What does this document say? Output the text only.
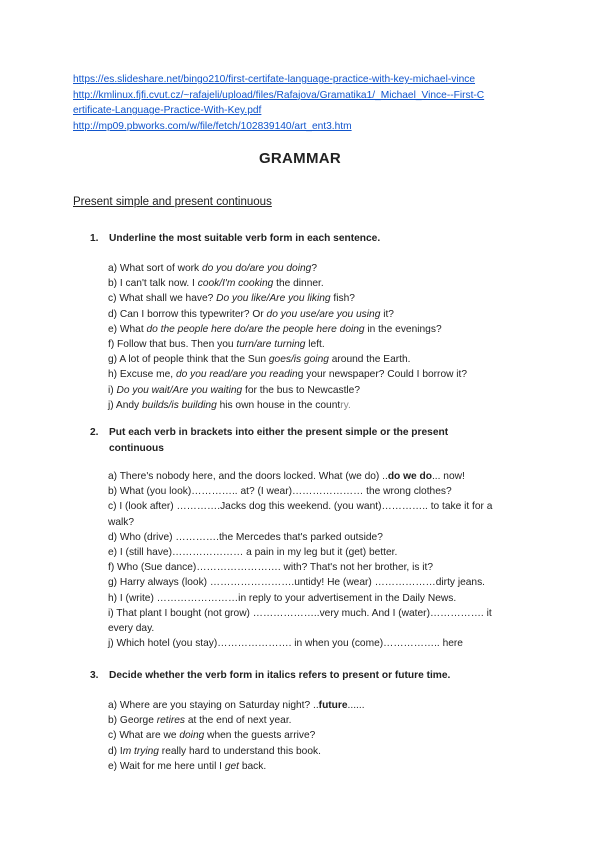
https://es.slideshare.net/bingo210/first-certifate-language-practice-with-key-michael-vince
http://kmlinux.fjfi.cvut.cz/~rafajeli/upload/files/Rafajova/Gramatika1/_Michael_Vince--First-C
ertificate-Language-Practice-With-Key.pdf
http://mp09.pbworks.com/w/file/fetch/102839140/art_ent3.htm
GRAMMAR
Present simple and present continuous
1. Underline the most suitable verb form in each sentence.
a) What sort of work do you do/are you doing?
b) I can't talk now. I cook/I'm cooking the dinner.
c) What shall we have? Do you like/Are you liking fish?
d) Can I borrow this typewriter? Or do you use/are you using it?
e) What do the people here do/are the people here doing in the evenings?
f) Follow that bus. Then you turn/are turning left.
g) A lot of people think that the Sun goes/is going around the Earth.
h) Excuse me, do you read/are you reading your newspaper? Could I borrow it?
i) Do you wait/Are you waiting for the bus to Newcastle?
j) Andy builds/is building his own house in the country.
2. Put each verb in brackets into either the present simple or the present continuous
a) There's nobody here, and the doors locked. What (we do) ..do we do... now!
b) What (you look)………….. at? (I wear)………………… the wrong clothes?
c) I (look after) ………….Jacks dog this weekend. (you want)………….. to take it for a walk?
d) Who (drive) ………….the Mercedes that's parked outside?
e) I (still have)………………… a pain in my leg but it (get) better.
f) Who (Sue dance)……………………. with? That's not her brother, is it?
g) Harry always (look) …………………….untidy! He (wear) ………………dirty jeans.
h) I (write) ……………………in reply to your advertisement in the Daily News.
i) That plant I bought (not grow) ………………..very much. And I (water)……………. it every day.
j) Which hotel (you stay)…………………. in when you (come)…………….. here
3. Decide whether the verb form in italics refers to present or future time.
a) Where are you staying on Saturday night? ..future......
b) George retires at the end of next year.
c) What are we doing when the guests arrive?
d) Im trying really hard to understand this book.
e) Wait for me here until I get back.
